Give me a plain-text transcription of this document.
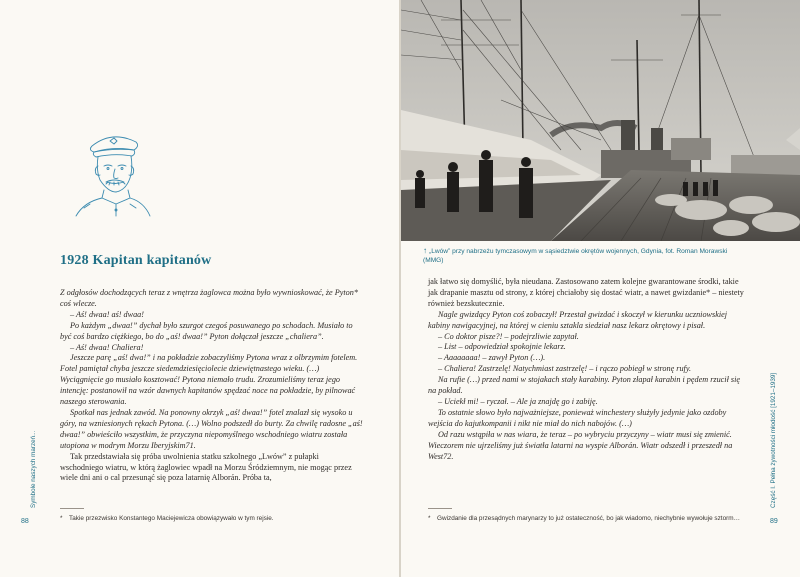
1928 Kapitan kapitanów

Z odgłosów dochodzących teraz z wnętrza żaglowca można było wywnioskować, że Pyton* coś wlecze.

– Aś! dwaa! aś! dwaa!

Po każdym „dwaa!” dychał było szurgot czegoś posuwanego po schodach. Musiało to być coś bardzo ciężkiego, bo do „aś! dwaa!” Pyton dołączał jeszcze „chaliera”.

– Aś! dwaa! Chaliera!

Jeszcze parę „aś! dwa!” i na pokładzie zobaczyliśmy Pytona wraz z olbrzymim fotelem. Fotel pamiętał chyba jeszcze siedemdziesięciolecie dziewiętnastego wieku. (…) Wyciągnięcie go musiało kosztować! Pytona niemało trudu. Zrozumieliśmy teraz jego intencję: postanowił na wzór dawnych kapitanów spędzać noce na pokładzie, by pilnować naszego sterowania.

Spotkał nas jednak zawód. Na ponowny okrzyk „aś! dwaa!” fotel znalazł się wysoko u góry, na wzniesionych rękach Pytona. (…) Wolno podszedł do burty. Za chwilę radosne „aś! dwaa!” obwieściło wszystkim, że przyczyna niepomyślnego wschodniego wiatru została utopiona w modrym Morzu Iberyjskim71.

Tak przedstawiała się próba uwolnienia statku szkolnego „Lwów” z pułapki wschodniego wiatru, w którą żaglowiec wpadł na Morzu Śródziemnym, nie mogąc przez wiele dni ani o cal przesunąć się poza latarnię Alborán. Próba ta,

* Takie przezwisko Konstantego Maciejewicza obowiązywało w tym rejsie.
88
Symbole naszych marzeń...
↑ „Lwów” przy nabrzeżu tymczasowym w sąsiedztwie okrętów wojennych, Gdynia, fot. Roman Morawski (MMG)

jak łatwo się domyślić, była nieudana. Zastosowano zatem kolejne gwarantowane środki, takie jak drapanie masztu od strony, z której chciałoby się dostać wiatr, a nawet gwizdanie* – niestety również bezskutecznie.

Nagle gwizdący Pyton coś zobaczył! Przestał gwizdać i skoczył w kierunku uczniowskiej kabiny nawigacyjnej, na której w cieniu sztakla siedział nasz lekarz okrętowy i pisał.

– Co doktor pisze?! – podejrzliwie zapytał.

– List – odpowiedział spokojnie lekarz.

– Aaaaaaaa! – zawył Pyton (…).

– Chaliera! Zastrzelę! Natychmiast zastrzelę! – i rączo pobiegł w stronę rufy.

Na rufie (…) przed nami w stojakach stały karabiny. Pyton złapał karabin i pędem rzucił się na pokład.

– Uciekł mi! – ryczał. – Ale ja znajdę go i zabiję.

To ostatnie słowo było najważniejsze, ponieważ winchestery służyły jedynie jako ozdoby wejścia do kajutkompanii i nikt nie miał do nich nabojów. (…)

Od razu wstąpiła w nas wiara, że teraz – po wybryciu przyczyny – wiatr musi się zmienić. Wieczorem nie ujrzeliśmy już światła latarni na wyspie Alborán. Wiatr odszedł i przeszedł na West72.

* Gwizdanie dla przesądnych marynarzy to już ostateczność, bo jak wiadomo, niechybnie wywołuje sztorm…	89
Część I. Pełna żywotności młodość [1921–1939]
